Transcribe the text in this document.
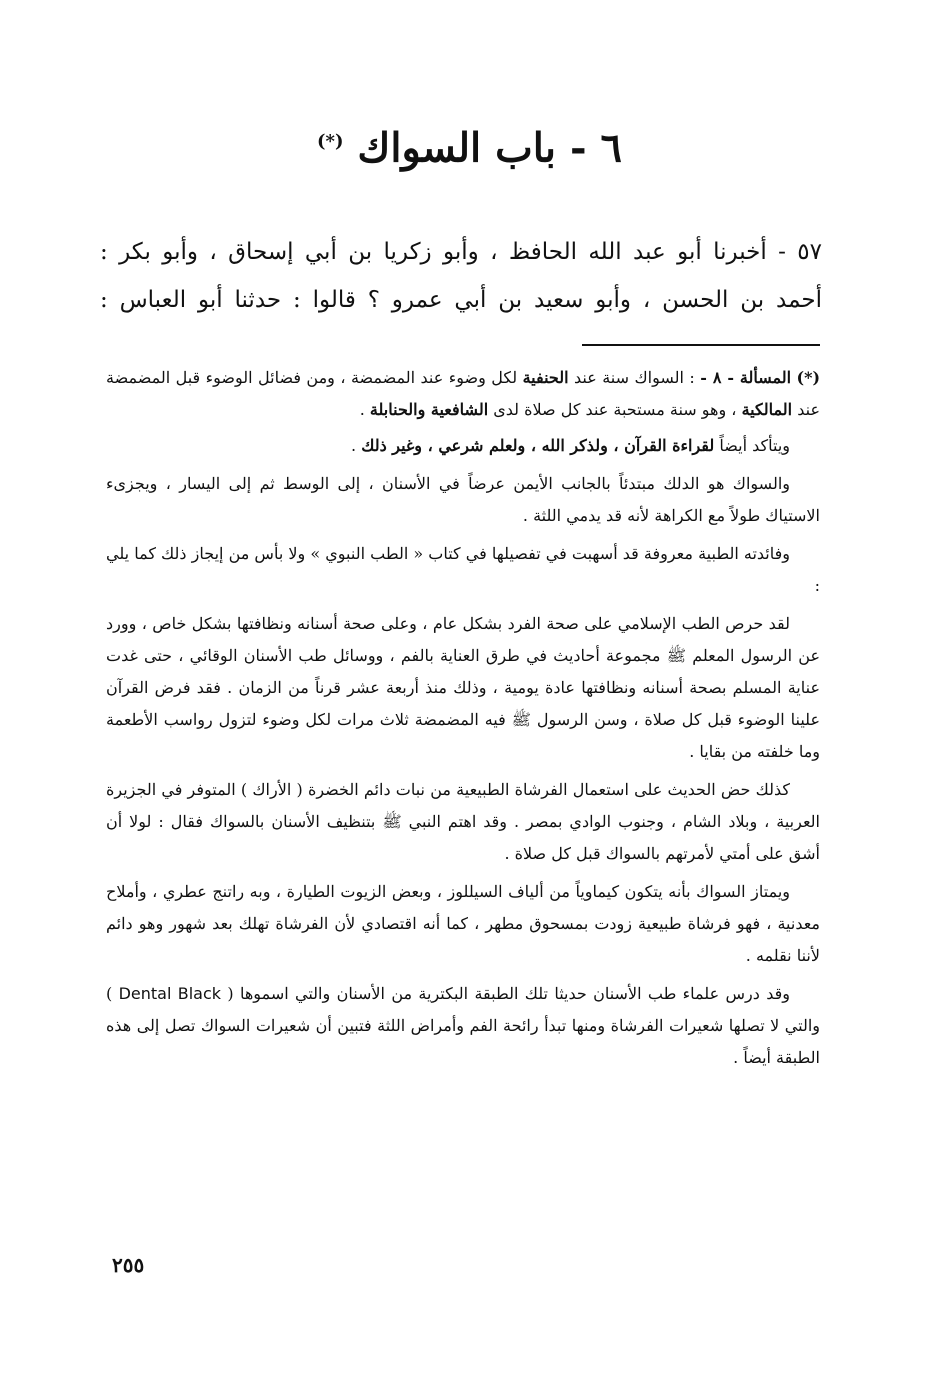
٦ - باب السواك (*)

٥٧ - أخبرنا أبو عبد الله الحافظ ، وأبو زكريا بن أبي إسحاق ، وأبو بكر :

أحمد بن الحسن ، وأبو سعيد بن أبي عمرو ؟ قالوا : حدثنا أبو العباس :

(*) المسألة - ٨ - : السواك سنة عند الحنفية لكل وضوء عند المضمضة ، ومن فضائل الوضوء قبل المضمضة عند المالكية ، وهو سنة مستحبة عند كل صلاة لدى الشافعية والحنابلة .

ويتأكد أيضاً لقراءة القرآن ، ولذكر الله ، ولعلم شرعي ، وغير ذلك .

والسواك هو الدلك مبتدئاً بالجانب الأيمن عرضاً في الأسنان ، إلى الوسط ثم إلى اليسار ، ويجزىء الاستياك طولاً مع الكراهة لأنه قد يدمي اللثة .

وفائدته الطبية معروفة قد أسهبت في تفصيلها في كتاب « الطب النبوي » ولا بأس من إيجاز ذلك كما يلي :

لقد حرص الطب الإسلامي على صحة الفرد بشكل عام ، وعلى صحة أسنانه ونظافتها بشكل خاص ، وورد عن الرسول المعلم ﷺ مجموعة أحاديث في طرق العناية بالفم ، ووسائل طب الأسنان الوقائي ، حتى غدت عناية المسلم بصحة أسنانه ونظافتها عادة يومية ، وذلك منذ أربعة عشر قرناً من الزمان . فقد فرض القرآن علينا الوضوء قبل كل صلاة ، وسن الرسول ﷺ فيه المضمضة ثلاث مرات لكل وضوء لتزول رواسب الأطعمة وما خلفته من بقايا .

كذلك حض الحديث على استعمال الفرشاة الطبيعية من نبات دائم الخضرة ( الأراك ) المتوفر في الجزيرة العربية ، وبلاد الشام ، وجنوب الوادي بمصر . وقد اهتم النبي ﷺ بتنظيف الأسنان بالسواك فقال : لولا أن أشق على أمتي لأمرتهم بالسواك قبل كل صلاة .

ويمتاز السواك بأنه يتكون كيماوياً من ألياف السيللوز ، وبعض الزيوت الطيارة ، وبه راتنج عطري ، وأملاح معدنية ، فهو فرشاة طبيعية زودت بمسحوق مطهر ، كما أنه اقتصادي لأن الفرشاة تهلك بعد شهور وهو دائم لأننا نقلمه .

وقد درس علماء طب الأسنان حديثا تلك الطبقة البكترية من الأسنان والتي اسموها ( Dental Black ) والتي لا تصلها شعيرات الفرشاة ومنها تبدأ رائحة الفم وأمراض اللثة فتبين أن شعيرات السواك تصل إلى هذه الطبقة أيضاً .

٢٥٥
